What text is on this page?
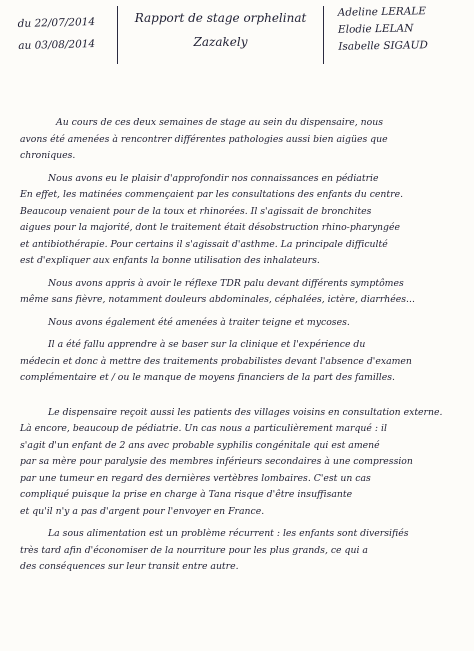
du 22/07/2014
au 03/08/2014
Rapport de stage orphelinat
Zazakely
Adeline LERALE
Elodie LELAN
Isabelle SIGAUD
Au cours de ces deux semaines de stage au sein du dispensaire, nous
avons été amenées à rencontrer différentes pathologies aussi bien aigües que
chroniques.
Nous avons eu le plaisir d'approfondir nos connaissances en pédiatrie
En effet, les matinées commençaient par les consultations des enfants du centre.
Beaucoup venaient pour de la toux et rhinorées. Il s'agissait de bronchites
aigues pour la majorité, dont le traitement était désobstruction rhino-pharyngée
et antibiothérapie. Pour certains il s'agissait d'asthme. La principale difficulté
est d'expliquer aux enfants la bonne utilisation des inhalateurs.
Nous avons appris à avoir le réflexe TDR palu devant différents symptômes
même sans fièvre, notamment douleurs abdominales, céphalées, ictère, diarrhées...
Nous avons également été amenées à traiter teigne et mycoses.
Il a été fallu apprendre à se baser sur la clinique et l'expérience du
médecin et donc à mettre des traitements probabilistes devant l'absence d'examen
complémentaire et / ou le manque de moyens financiers de la part des familles.
Le dispensaire reçoit aussi les patients des villages voisins en consultation externe.
Là encore, beaucoup de pédiatrie. Un cas nous a particulièrement marqué : il
s'agit d'un enfant de 2 ans avec probable syphilis congénitale qui est amené
par sa mère pour paralysie des membres inférieurs secondaires à une compression
par une tumeur en regard des dernières vertèbres lombaires. C'est un cas
compliqué puisque la prise en charge à Tana risque d'être insuffisante
et qu'il n'y a pas d'argent pour l'envoyer en France.
La sous alimentation est un problème récurrent : les enfants sont diversifiés
très tard afin d'économiser de la nourriture pour les plus grands, ce qui a
des conséquences sur leur transit entre autre.
